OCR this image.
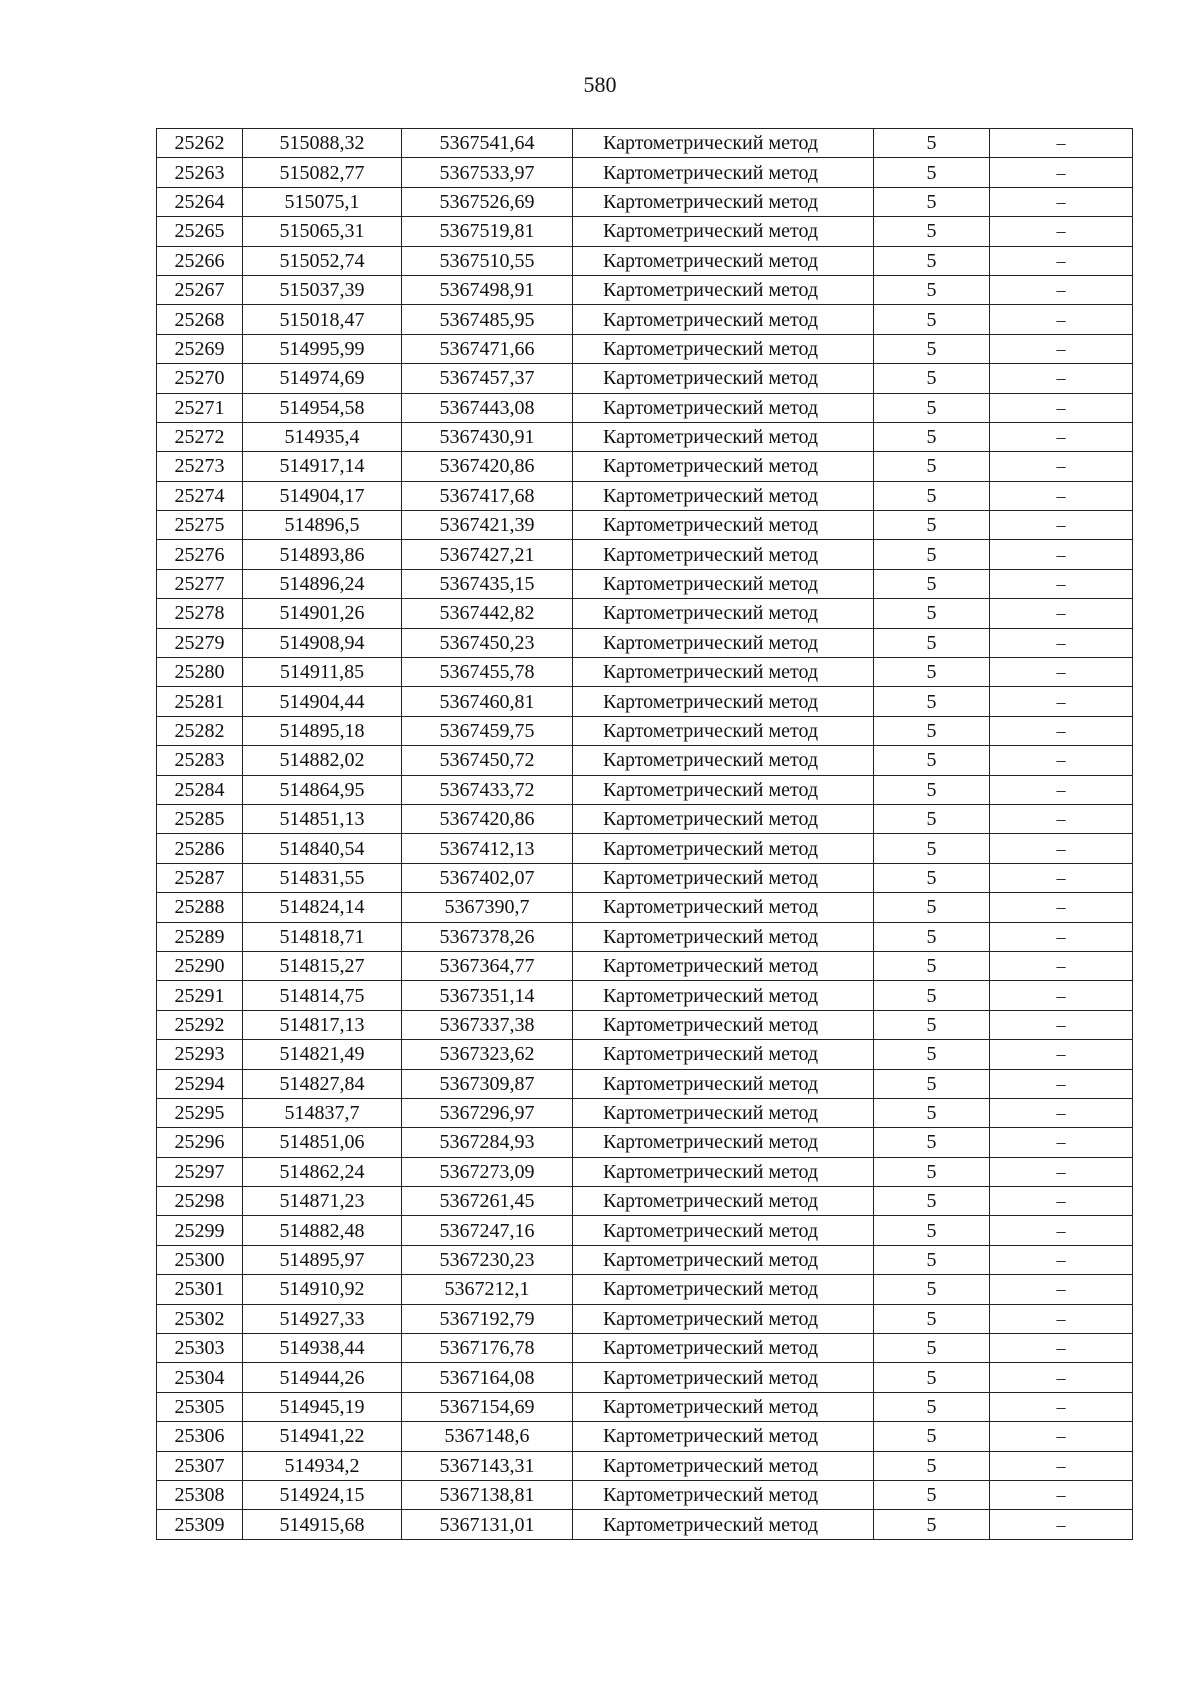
580
25262	515088,32	5367541,64	Картометрический метод	5	–
25263	515082,77	5367533,97	Картометрический метод	5	–
25264	515075,1	5367526,69	Картометрический метод	5	–
25265	515065,31	5367519,81	Картометрический метод	5	–
25266	515052,74	5367510,55	Картометрический метод	5	–
25267	515037,39	5367498,91	Картометрический метод	5	–
25268	515018,47	5367485,95	Картометрический метод	5	–
25269	514995,99	5367471,66	Картометрический метод	5	–
25270	514974,69	5367457,37	Картометрический метод	5	–
25271	514954,58	5367443,08	Картометрический метод	5	–
25272	514935,4	5367430,91	Картометрический метод	5	–
25273	514917,14	5367420,86	Картометрический метод	5	–
25274	514904,17	5367417,68	Картометрический метод	5	–
25275	514896,5	5367421,39	Картометрический метод	5	–
25276	514893,86	5367427,21	Картометрический метод	5	–
25277	514896,24	5367435,15	Картометрический метод	5	–
25278	514901,26	5367442,82	Картометрический метод	5	–
25279	514908,94	5367450,23	Картометрический метод	5	–
25280	514911,85	5367455,78	Картометрический метод	5	–
25281	514904,44	5367460,81	Картометрический метод	5	–
25282	514895,18	5367459,75	Картометрический метод	5	–
25283	514882,02	5367450,72	Картометрический метод	5	–
25284	514864,95	5367433,72	Картометрический метод	5	–
25285	514851,13	5367420,86	Картометрический метод	5	–
25286	514840,54	5367412,13	Картометрический метод	5	–
25287	514831,55	5367402,07	Картометрический метод	5	–
25288	514824,14	5367390,7	Картометрический метод	5	–
25289	514818,71	5367378,26	Картометрический метод	5	–
25290	514815,27	5367364,77	Картометрический метод	5	–
25291	514814,75	5367351,14	Картометрический метод	5	–
25292	514817,13	5367337,38	Картометрический метод	5	–
25293	514821,49	5367323,62	Картометрический метод	5	–
25294	514827,84	5367309,87	Картометрический метод	5	–
25295	514837,7	5367296,97	Картометрический метод	5	–
25296	514851,06	5367284,93	Картометрический метод	5	–
25297	514862,24	5367273,09	Картометрический метод	5	–
25298	514871,23	5367261,45	Картометрический метод	5	–
25299	514882,48	5367247,16	Картометрический метод	5	–
25300	514895,97	5367230,23	Картометрический метод	5	–
25301	514910,92	5367212,1	Картометрический метод	5	–
25302	514927,33	5367192,79	Картометрический метод	5	–
25303	514938,44	5367176,78	Картометрический метод	5	–
25304	514944,26	5367164,08	Картометрический метод	5	–
25305	514945,19	5367154,69	Картометрический метод	5	–
25306	514941,22	5367148,6	Картометрический метод	5	–
25307	514934,2	5367143,31	Картометрический метод	5	–
25308	514924,15	5367138,81	Картометрический метод	5	–
25309	514915,68	5367131,01	Картометрический метод	5	–
